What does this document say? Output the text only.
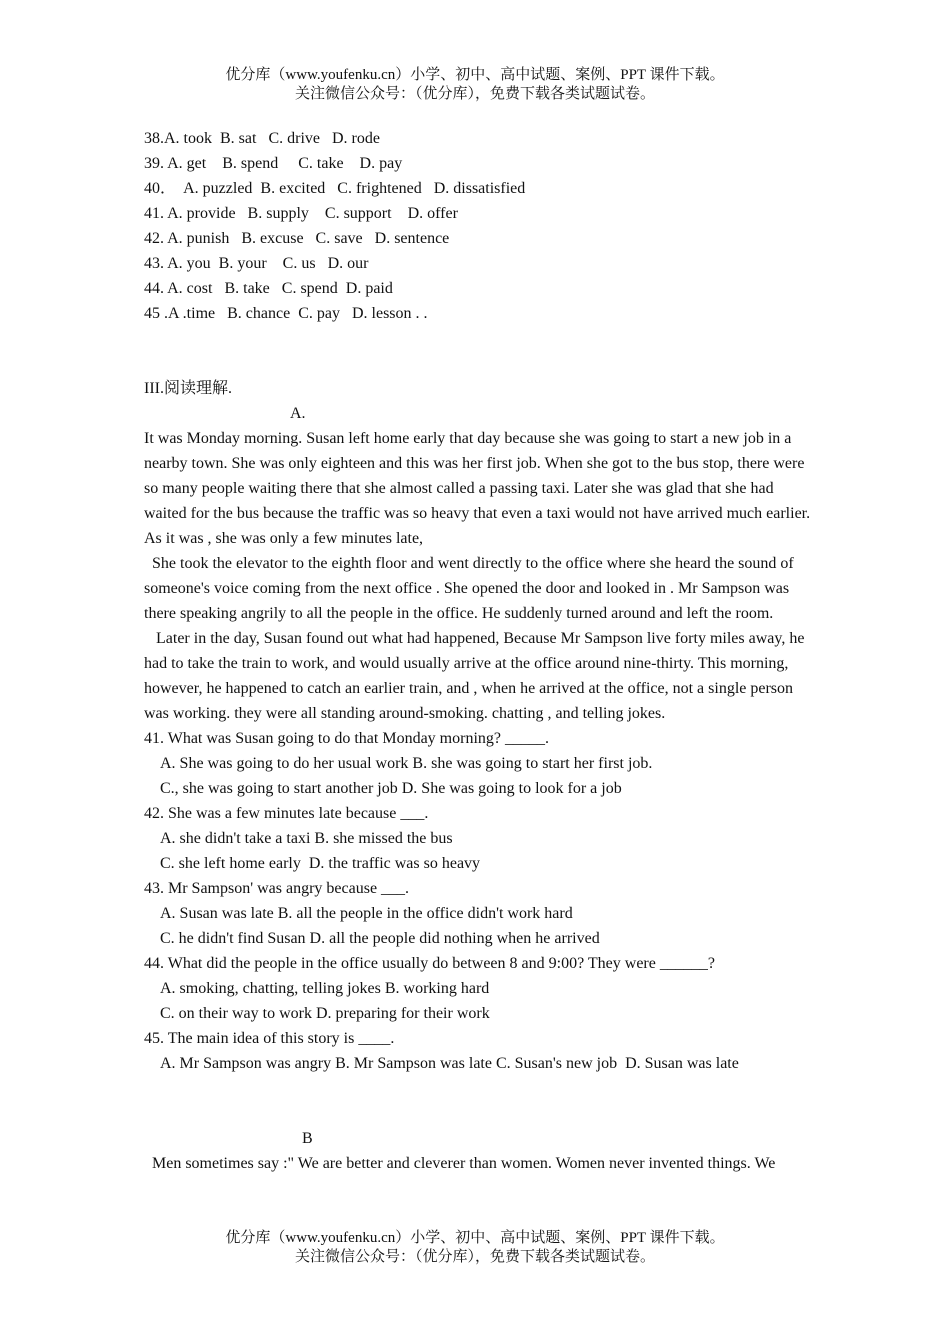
优分库（www.youfenku.cn）小学、初中、高中试题、案例、PPT 课件下载。
关注微信公众号：（优分库），免费下载各类试题试卷。
38.A. took  B. sat   C. drive   D. rode
39. A. get    B. spend     C. take    D. pay
40．  A. puzzled  B. excited   C. frightened   D. dissatisfied
41. A. provide   B. supply    C. support    D. offer
42. A. punish   B. excuse   C. save   D. sentence
43. A. you  B. your    C. us   D. our
44. A. cost   B. take   C. spend  D. paid
45 .A .time   B. chance  C. pay   D. lesson . .
III.阅读理解.
A.

It was Monday morning. Susan left home early that day because she was going to start a new job in a nearby town. She was only eighteen and this was her first job. When she got to the bus stop, there were so many people waiting there that she almost called a passing taxi. Later she was glad that she had waited for the bus because the traffic was so heavy that even a taxi would not have arrived much earlier. As it was , she was only a few minutes late,

She took the elevator to the eighth floor and went directly to the office where she heard the sound of someone's voice coming from the next office . She opened the door and looked in . Mr Sampson was there speaking angrily to all the people in the office. He suddenly turned around and left the room.

Later in the day, Susan found out what had happened, Because Mr Sampson live forty miles away, he had to take the train to work, and would usually arrive at the office around nine-thirty. This morning, however, he happened to catch an earlier train, and , when he arrived at the office, not a single person was working. they were all standing around-smoking. chatting , and telling jokes.

41. What was Susan going to do that Monday morning? _____.
A. She was going to do her usual work B. she was going to start her first job.
C., she was going to start another job D. She was going to look for a job
42. She was a few minutes late because ___.
A. she didn't take a taxi B. she missed the bus
C. she left home early  D. the traffic was so heavy
43. Mr Sampson' was angry because ___.
A. Susan was late B. all the people in the office didn't work hard
C. he didn't find Susan D. all the people did nothing when he arrived
44. What did the people in the office usually do between 8 and 9:00? They were ______?
A. smoking, chatting, telling jokes B. working hard
C. on their way to work D. preparing for their work
45. The main idea of this story is ____.
A. Mr Sampson was angry B. Mr Sampson was late C. Susan's new job  D. Susan was late
B
Men sometimes say :" We are better and cleverer than women. Women never invented things. We
优分库（www.youfenku.cn）小学、初中、高中试题、案例、PPT 课件下载。
关注微信公众号：（优分库），免费下载各类试题试卷。
